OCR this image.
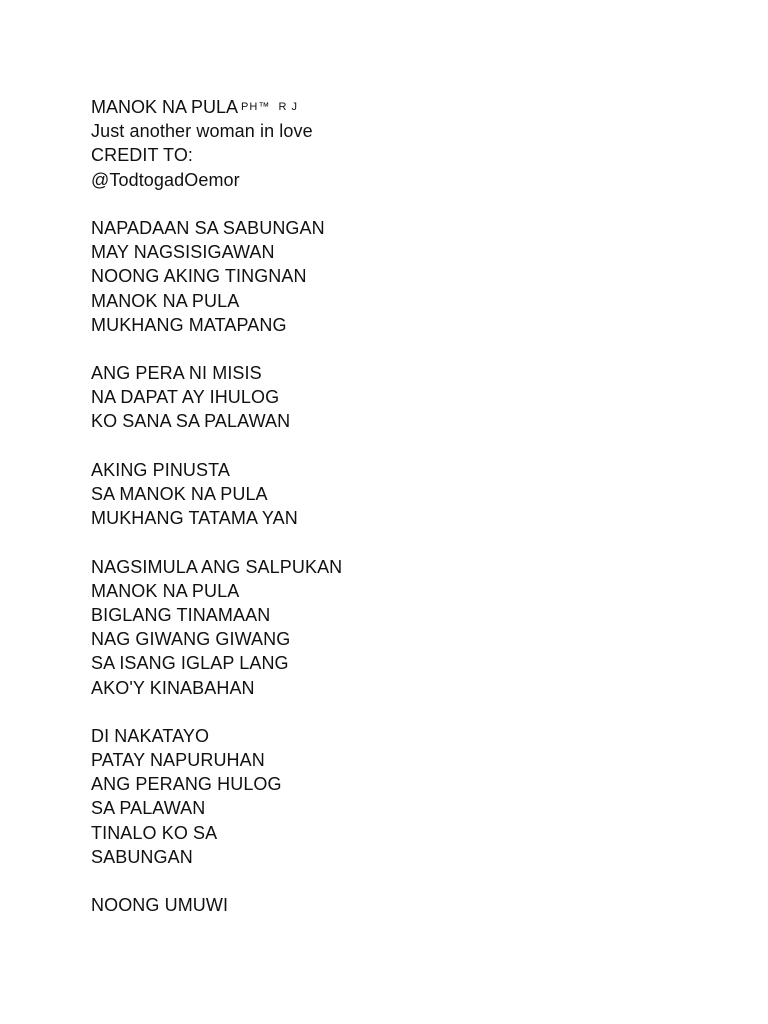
MANOK NA PULA PH™  R J
Just another woman in love
CREDIT TO:
@TodtogadOemor
NAPADAAN SA SABUNGAN
MAY NAGSISIGAWAN
NOONG AKING TINGNAN
MANOK NA PULA
MUKHANG MATAPANG
ANG PERA NI MISIS
NA DAPAT AY IHULOG
KO SANA SA PALAWAN
AKING PINUSTA
SA MANOK NA PULA
MUKHANG TATAMA YAN
NAGSIMULA ANG SALPUKAN
MANOK NA PULA
BIGLANG TINAMAAN
NAG GIWANG GIWANG
SA ISANG IGLAP LANG
AKO'Y KINABAHAN
DI NAKATAYO
PATAY NAPURUHAN
ANG PERANG HULOG
SA PALAWAN
TINALO KO SA
SABUNGAN
NOONG UMUWI
